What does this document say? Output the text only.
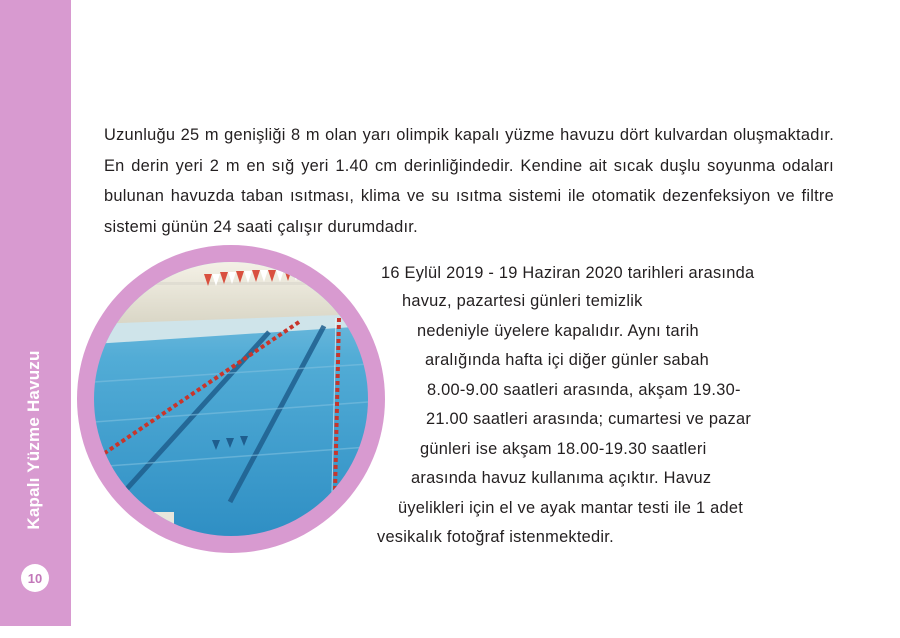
Kapalı Yüzme Havuzu
10

Uzunluğu 25 m genişliği 8 m olan yarı olimpik kapalı yüzme havuzu dört kulvardan oluşmaktadır. En derin yeri 2 m en sığ yeri 1.40 cm derinliğindedir. Kendine ait sıcak duşlu soyunma odaları bulunan havuzda taban ısıtması, klima ve su ısıtma sistemi ile otomatik dezenfeksiyon ve filtre sistemi günün 24 saati çalışır durumdadır.

16 Eylül 2019 - 19 Haziran 2020 tarihleri arasında
havuz, pazartesi günleri temizlik
nedeniyle üyelere kapalıdır. Aynı tarih
aralığında hafta içi diğer günler sabah
8.00-9.00 saatleri arasında, akşam 19.30-
21.00 saatleri arasında; cumartesi ve pazar
günleri ise akşam 18.00-19.30 saatleri
arasında havuz kullanıma açıktır. Havuz
üyelikleri için el ve ayak mantar testi ile 1 adet
vesikalık fotoğraf istenmektedir.
